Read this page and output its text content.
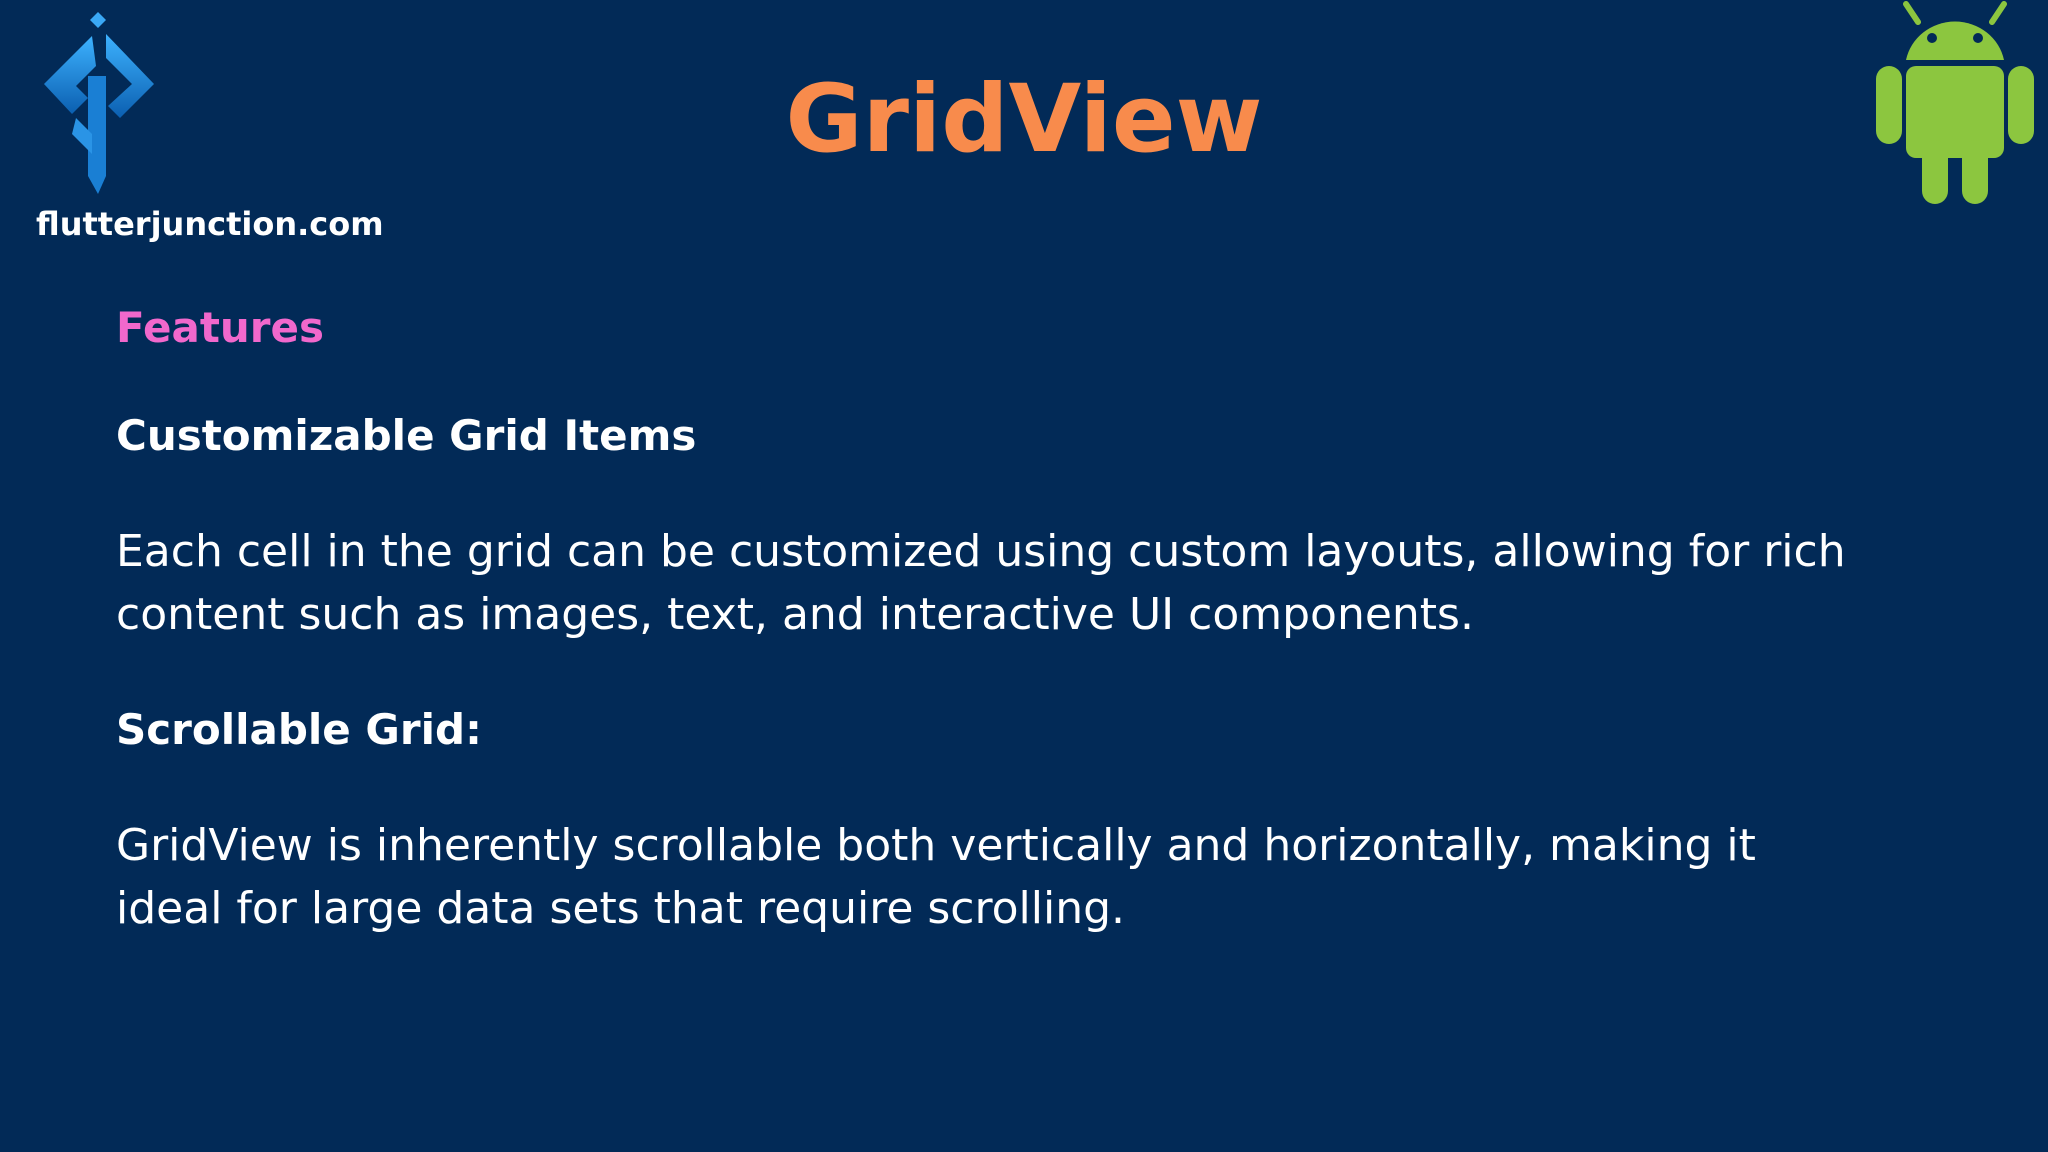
flutterjunction.com
GridView
Features
Customizable Grid Items
Each cell in the grid can be customized using custom layouts, allowing for rich content such as images, text, and interactive UI components.
Scrollable Grid:
GridView is inherently scrollable both vertically and horizontally, making it ideal for large data sets that require scrolling.
